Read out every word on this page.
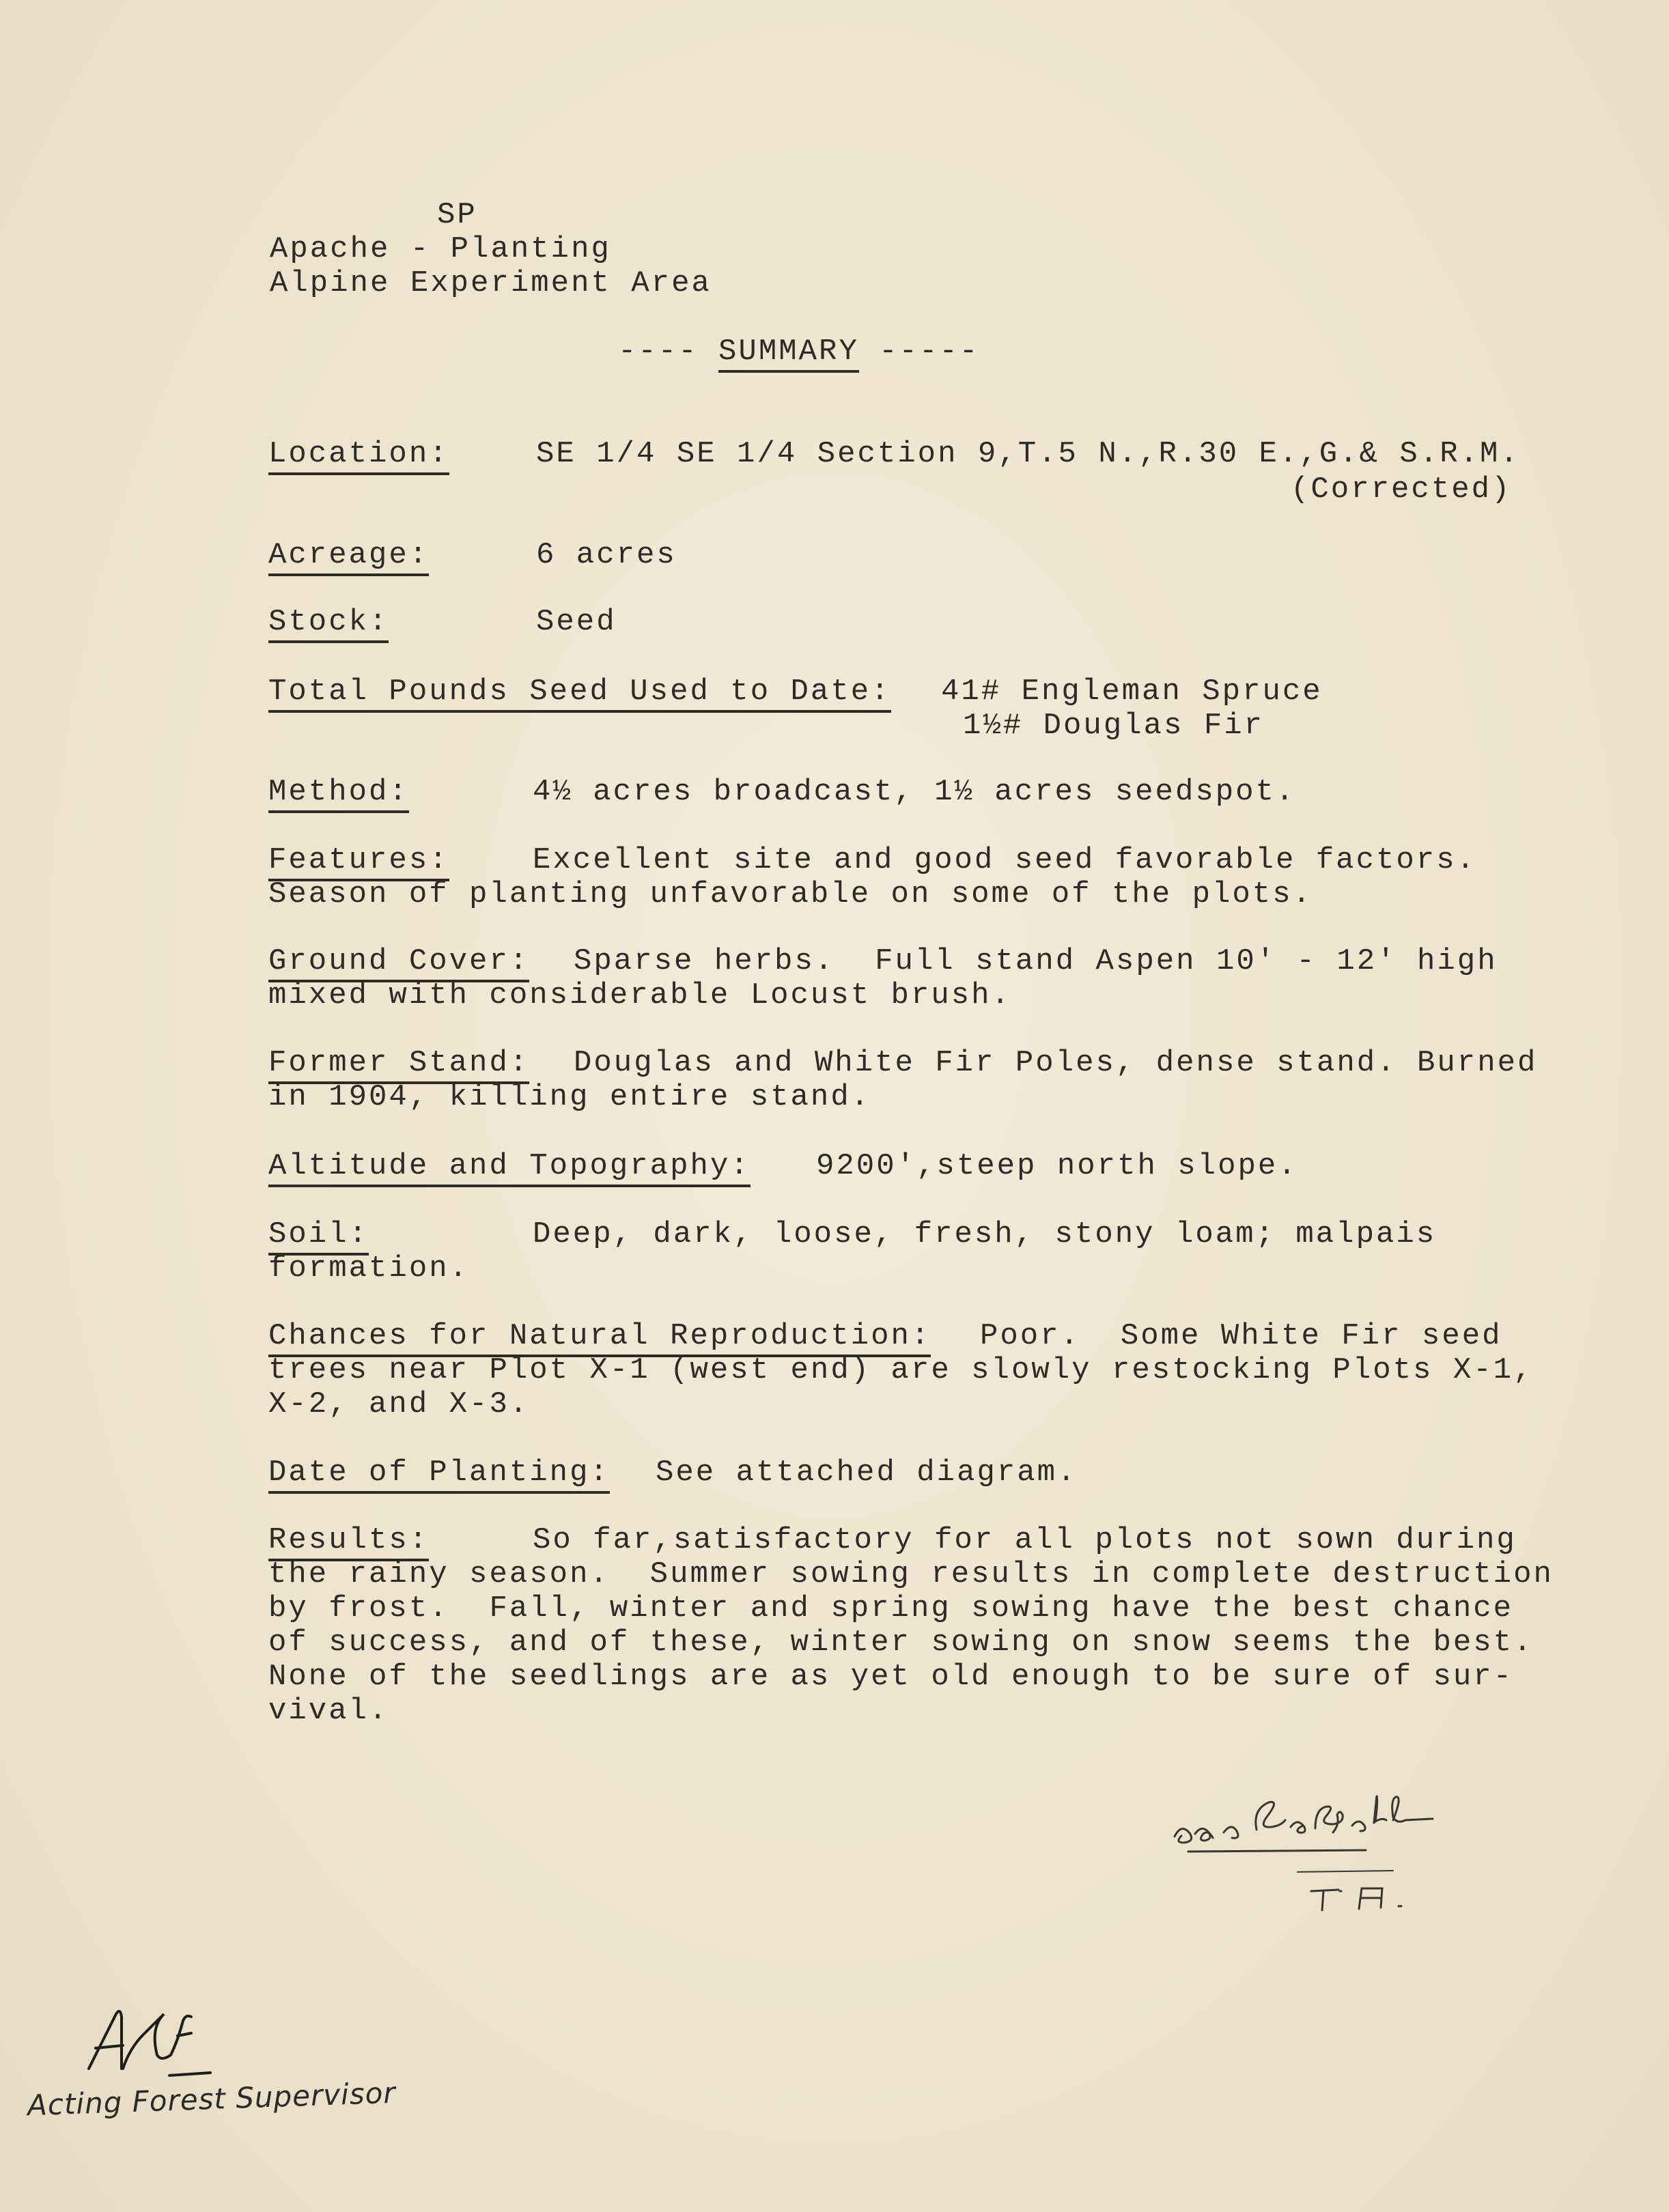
SP
Apache - Planting
Alpine Experiment Area
---- SUMMARY -----
Location:	SE 1/4 SE 1/4 Section 9,T.5 N.,R.30 E.,G.& S.R.M.
(Corrected)
Acreage:	6 acres
Stock:	Seed
Total Pounds Seed Used to Date: 41# Engleman Spruce
1½# Douglas Fir
Method:	4½ acres broadcast, 1½ acres seedspot.
Features:	Excellent site and good seed favorable factors.
Season of planting unfavorable on some of the plots.
Ground Cover: Sparse herbs.  Full stand Aspen 10' - 12' high
mixed with considerable Locust brush.
Former Stand: Douglas and White Fir Poles, dense stand. Burned
in 1904, killing entire stand.
Altitude and Topography: 9200',steep north slope.
Soil:	Deep, dark, loose, fresh, stony loam; malpais
formation.
Chances for Natural Reproduction: Poor.  Some White Fir seed
trees near Plot X-1 (west end) are slowly restocking Plots X-1,
X-2, and X-3.
Date of Planting: See attached diagram.
Results:	So far,satisfactory for all plots not sown during
the rainy season.  Summer sowing results in complete destruction
by frost.  Fall, winter and spring sowing have the best chance
of success, and of these, winter sowing on snow seems the best.
None of the seedlings are as yet old enough to be sure of sur-
vival.
Acting Forest Supervisor
